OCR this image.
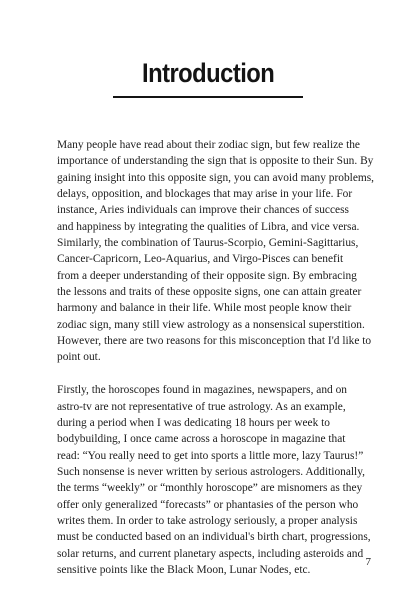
Introduction

Many people have read about their zodiac sign, but few realize the
importance of understanding the sign that is opposite to their Sun. By
gaining insight into this opposite sign, you can avoid many problems,
delays, opposition, and blockages that may arise in your life. For
instance, Aries individuals can improve their chances of success
and happiness by integrating the qualities of Libra, and vice versa.
Similarly, the combination of Taurus-Scorpio, Gemini-Sagittarius,
Cancer-Capricorn, Leo-Aquarius, and Virgo-Pisces can benefit
from a deeper understanding of their opposite sign. By embracing
the lessons and traits of these opposite signs, one can attain greater
harmony and balance in their life. While most people know their
zodiac sign, many still view astrology as a nonsensical superstition.
However, there are two reasons for this misconception that I'd like to
point out.

Firstly, the horoscopes found in magazines, newspapers, and on
astro-tv are not representative of true astrology. As an example,
during a period when I was dedicating 18 hours per week to
bodybuilding, I once came across a horoscope in magazine that
read: “You really need to get into sports a little more, lazy Taurus!”
Such nonsense is never written by serious astrologers. Additionally,
the terms “weekly” or “monthly horoscope” are misnomers as they
offer only generalized “forecasts” or phantasies of the person who
writes them. In order to take astrology seriously, a proper analysis
must be conducted based on an individual's birth chart, progressions,
solar returns, and current planetary aspects, including asteroids and
sensitive points like the Black Moon, Lunar Nodes, etc.

7
